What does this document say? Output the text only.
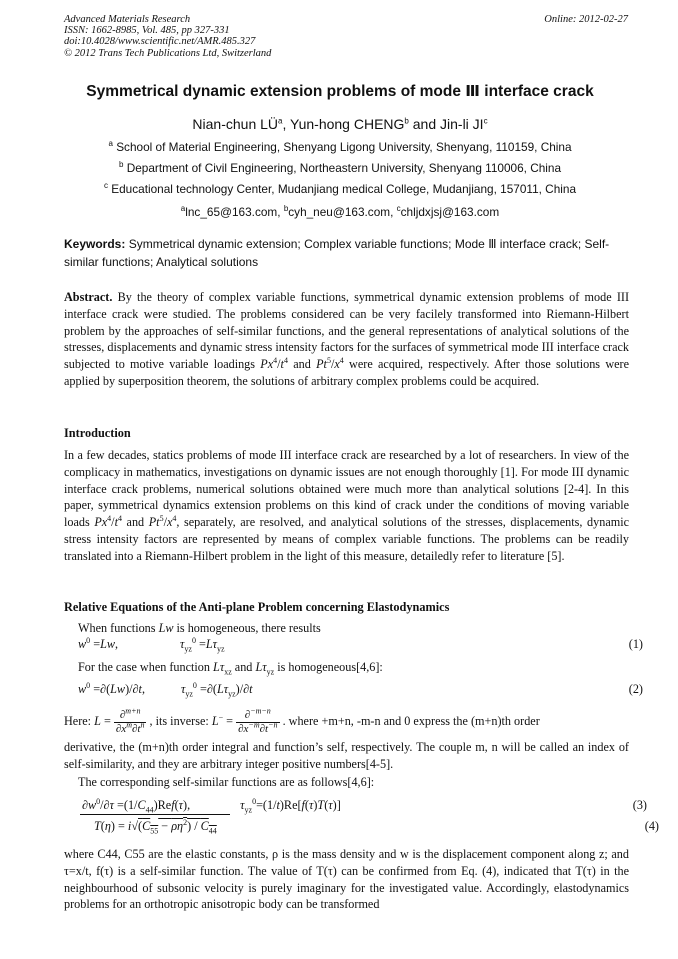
Advanced Materials Research
ISSN: 1662-8985, Vol. 485, pp 327-331
doi:10.4028/www.scientific.net/AMR.485.327
© 2012 Trans Tech Publications Ltd, Switzerland
Online: 2012-02-27
Symmetrical dynamic extension problems of mode Ⅲ interface crack
Nian-chun $LÜ^a$, Yun-hong CHENG$^b$ and Jin-li $JI^c$
$^a$ School of Material Engineering, Shenyang Ligong University, Shenyang, 110159, China
$^b$ Department of Civil Engineering, Northeastern University, Shenyang 110006, China
$^c$ Educational technology Center, Mudanjiang medical College, Mudanjiang, 157011, China
$^a$lnc_65@163.com, $^b$cyh_neu@163.com, $^c$chljdxjsj@163.com
Keywords: Symmetrical dynamic extension; Complex variable functions; Mode Ⅲ interface crack; Self-similar functions; Analytical solutions

Abstract. By the theory of complex variable functions, symmetrical dynamic extension problems of mode III interface crack were studied. The problems considered can be very facilely transformed into Riemann-Hilbert problem by the approaches of self-similar functions, and the general representations of analytical solutions of the stresses, displacements and dynamic stress intensity factors for the surfaces of symmetrical mode III interface crack subjected to motive variable loadings $Px^4/t^4$ and $Pt^5/x^4$ were acquired, respectively. After those solutions were applied by superposition theorem, the solutions of arbitrary complex problems could be acquired.

Introduction

In a few decades, statics problems of mode III interface crack are researched by a lot of researchers. In view of the complicacy in mathematics, investigations on dynamic issues are not enough thoroughly [1]. For mode III dynamic interface crack problems, numerical solutions obtained were much more than analytical solutions [2-4]. In this paper, symmetrical dynamics extension problems on this kind of crack under the conditions of moving variable loads $Px^4/t^4$ and $Pt^5/x^4$, separately, are resolved, and analytical solutions of the stresses, displacements, dynamic stress intensity factors are represented by means of complex variable functions. The problems can be readily translated into a Riemann-Hilbert problem in the light of this measure, detailedly refer to literature [5].

Relative Equations of the Anti-plane Problem concerning Elastodynamics
When functions Lw is homogeneous, there results
$w^0 =Lw$,	$\tau_{yz}^0 =L\tau_{yz}$	(1)
For the case when function $L\tau_{xz}$ and $L\tau_{yz}$ is homogeneous[4,6]:
$w^0 =\partial(Lw)/\partial t$,	$\tau_{yz}^0 =\partial(L\tau_{yz})/\partial t$	(2)
Here: $L = \frac{\partial^{m+n}}{\partial x^m\partial t^n}$ , its inverse: $L^- = \frac{\partial^{-m-n}}{\partial x^{-m}\partial t^{-n}}$ . where +m+n, -m-n and 0 express the (m+n)th order

derivative, the (m+n)th order integral and function’s self, respectively. The couple m, n will be called an index of self-similarity, and they are arbitrary integer positive numbers[4-5].

The corresponding self-similar functions are as follows[4,6]:
$\partial w^0/\partial\tau =(1/C_{44})Ref(\tau)$,	$\tau_{yz}^0=(1/t)Re[f(\tau)T(\tau)]$	(3)
$T(\eta) = i√(C_{55} - \rho\eta^2) / C_{44}$	(4)

where C44, C55 are the elastic constants, ρ is the mass density and w is the displacement component along z; and τ=x/t, f(τ) is a self-similar function. The value of T(τ) can be confirmed from Eq. (4), indicated that T(τ) in the neighbourhood of subsonic velocity is purely imaginary for the investigated value. Accordingly, elastodynamics problems for an orthotropic anisotropic body can be transformed
